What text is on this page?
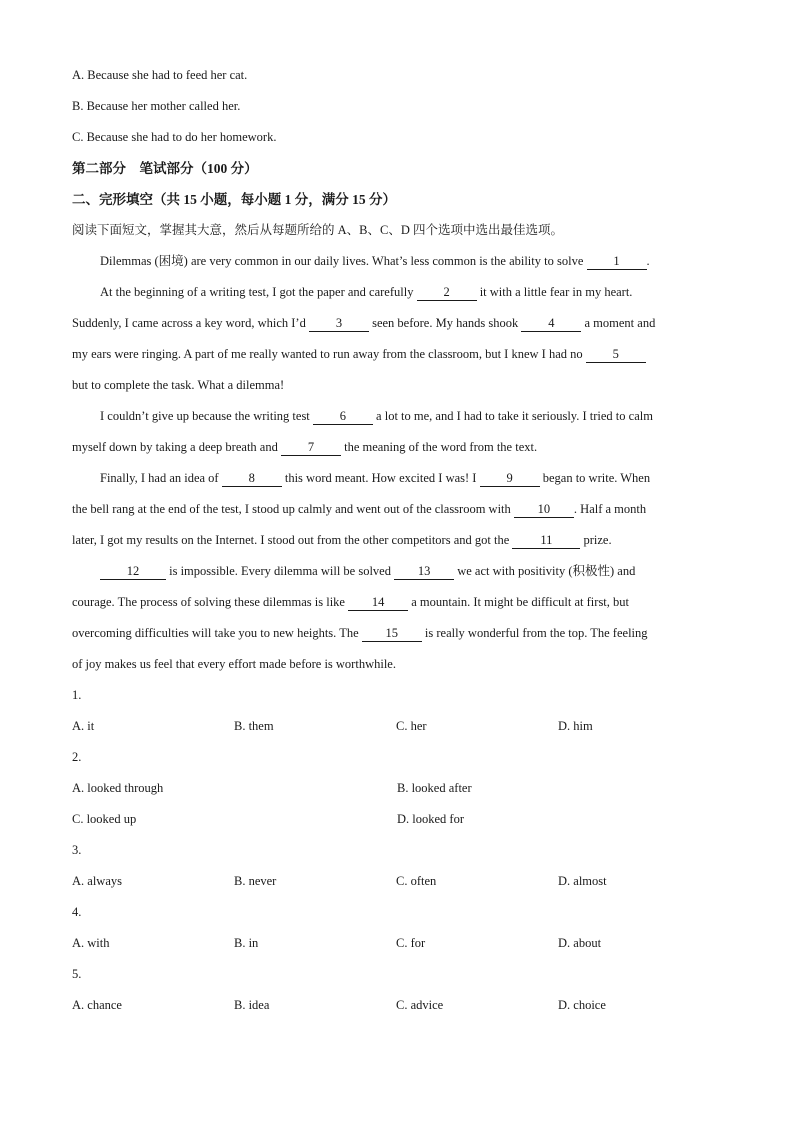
A. Because she had to feed her cat.
B. Because her mother called her.
C. Because she had to do her homework.
第二部分　笔试部分（100 分）
二、完形填空（共 15 小题，每小题 1 分，满分 15 分）
阅读下面短文，掌握其大意，然后从每题所给的 A、B、C、D 四个选项中选出最佳选项。
Dilemmas (困境) are very common in our daily lives. What’s less common is the ability to solve 1 .
At the beginning of a writing test, I got the paper and carefully 2 it with a little fear in my heart.
Suddenly, I came across a key word, which I’d 3 seen before. My hands shook 4 a moment and
my ears were ringing. A part of me really wanted to run away from the classroom, but I knew I had no 5
but to complete the task. What a dilemma!
I couldn’t give up because the writing test 6 a lot to me, and I had to take it seriously. I tried to calm
myself down by taking a deep breath and 7 the meaning of the word from the text.
Finally, I had an idea of 8 this word meant. How excited I was! I 9 began to write. When
the bell rang at the end of the test, I stood up calmly and went out of the classroom with 10 . Half a month
later, I got my results on the Internet. I stood out from the other competitors and got the 11 prize.
12 is impossible. Every dilemma will be solved 13 we act with positivity (积极性) and
courage. The process of solving these dilemmas is like 14 a mountain. It might be difficult at first, but
overcoming difficulties will take you to new heights. The 15 is really wonderful from the top. The feeling
of joy makes us feel that every effort made before is worthwhile.
1.
A. it	B. them	C. her	D. him
2.
A. looked through	B. looked after
C. looked up	D. looked for
3.
A. always	B. never	C. often	D. almost
4.
A. with	B. in	C. for	D. about
5.
A. chance	B. idea	C. advice	D. choice
